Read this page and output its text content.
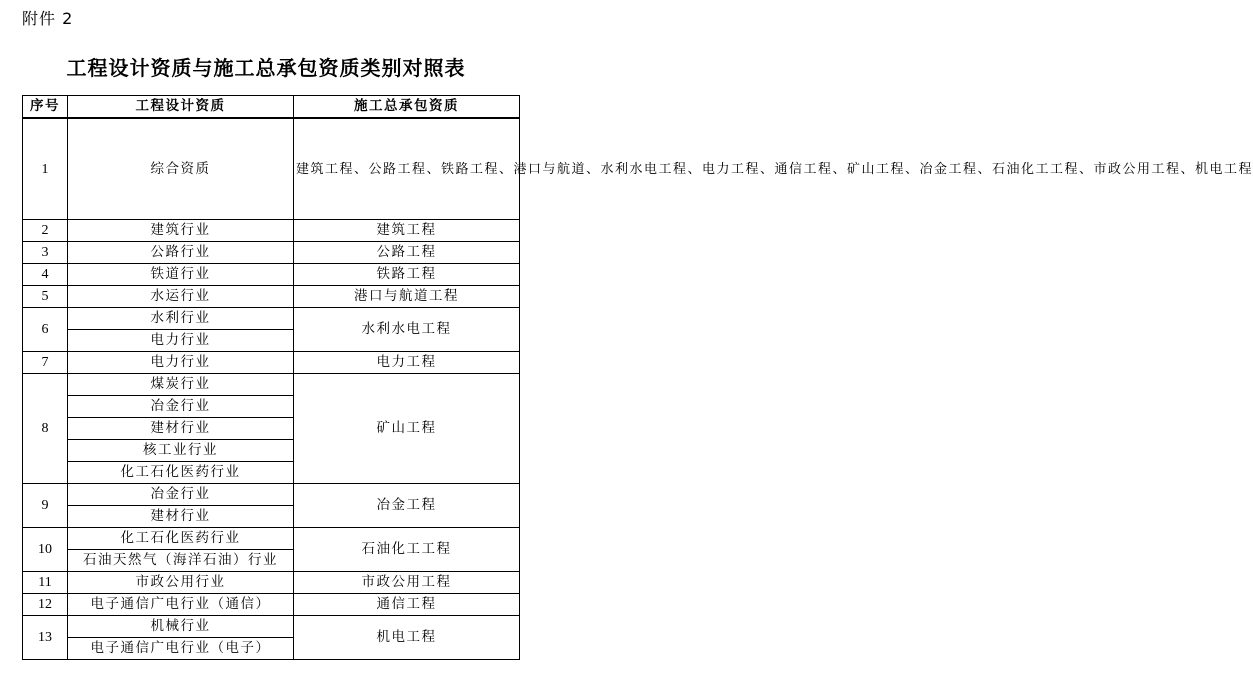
附件 2
工程设计资质与施工总承包资质类别对照表
序号	工程设计资质	施工总承包资质
1	综合资质	建筑工程、公路工程、铁路工程、港口与航道、水利水电工程、电力工程、通信工程、矿山工程、冶金工程、石油化工工程、市政公用工程、机电工程
2	建筑行业	建筑工程
3	公路行业	公路工程
4	铁道行业	铁路工程
5	水运行业	港口与航道工程
6	水利行业	水利水电工程
	电力行业	
7	电力行业	电力工程
8	煤炭行业	矿山工程
	冶金行业	
	建材行业	
	核工业行业	
	化工石化医药行业	
9	冶金行业	冶金工程
	建材行业	
10	化工石化医药行业	石油化工工程
	石油天然气（海洋石油）行业	
11	市政公用行业	市政公用工程
12	电子通信广电行业（通信）	通信工程
13	机械行业	机电工程
	电子通信广电行业（电子）	
